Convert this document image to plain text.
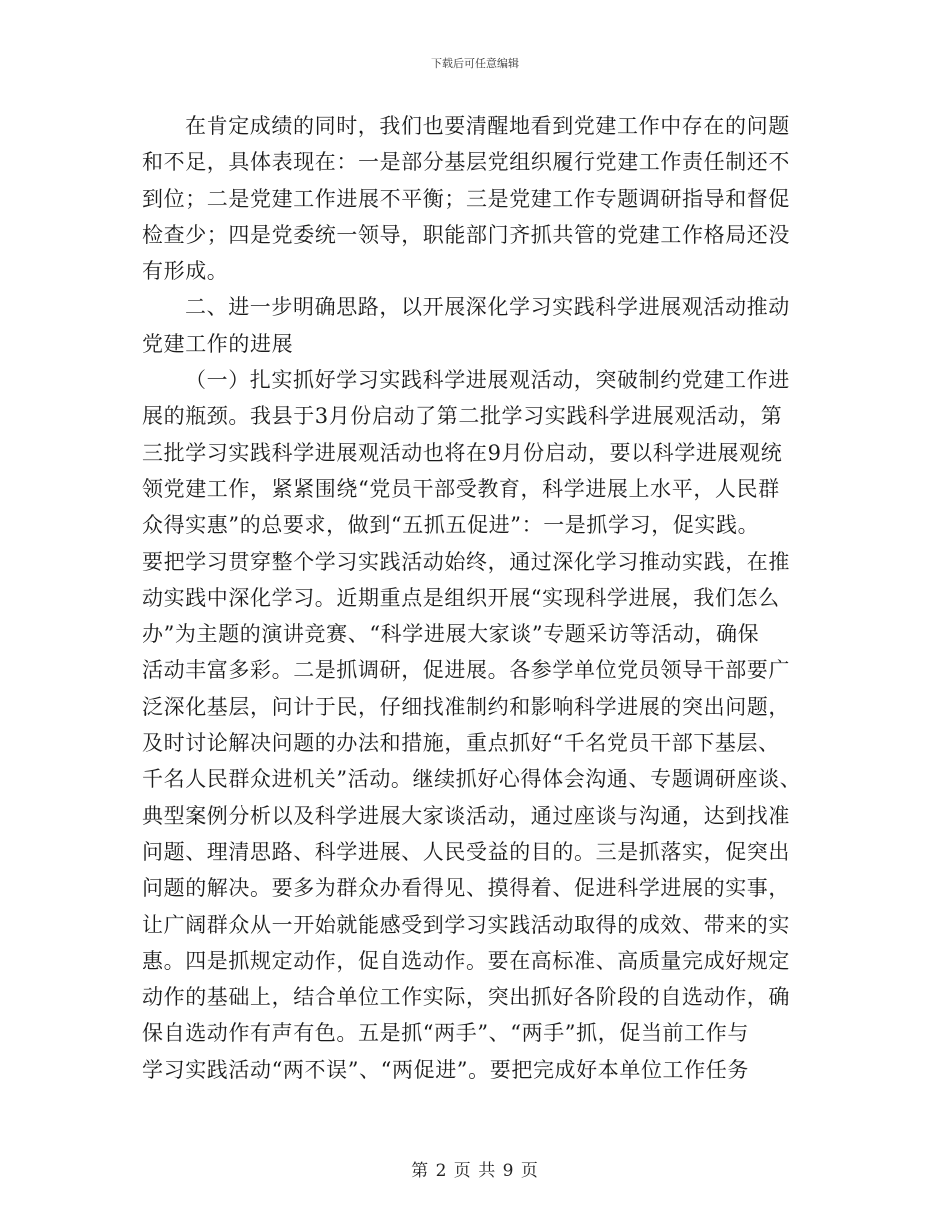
下载后可任意编辑
在肯定成绩的同时，我们也要清醒地看到党建工作中存在的问题
和不足，具体表现在：一是部分基层党组织履行党建工作责任制还不
到位；二是党建工作进展不平衡；三是党建工作专题调研指导和督促
检查少；四是党委统一领导，职能部门齐抓共管的党建工作格局还没
有形成。
二、进一步明确思路，以开展深化学习实践科学进展观活动推动
党建工作的进展
（一）扎实抓好学习实践科学进展观活动，突破制约党建工作进
展的瓶颈。我县于3月份启动了第二批学习实践科学进展观活动，第
三批学习实践科学进展观活动也将在9月份启动，要以科学进展观统
领党建工作，紧紧围绕“党员干部受教育，科学进展上水平，人民群
众得实惠”的总要求，做到“五抓五促进”：一是抓学习，促实践。
要把学习贯穿整个学习实践活动始终，通过深化学习推动实践，在推
动实践中深化学习。近期重点是组织开展“实现科学进展，我们怎么
办”为主题的演讲竞赛、“科学进展大家谈”专题采访等活动，确保
活动丰富多彩。二是抓调研，促进展。各参学单位党员领导干部要广
泛深化基层，问计于民，仔细找准制约和影响科学进展的突出问题，
及时讨论解决问题的办法和措施，重点抓好“千名党员干部下基层、
千名人民群众进机关”活动。继续抓好心得体会沟通、专题调研座谈、
典型案例分析以及科学进展大家谈活动，通过座谈与沟通，达到找准
问题、理清思路、科学进展、人民受益的目的。三是抓落实，促突出
问题的解决。要多为群众办看得见、摸得着、促进科学进展的实事，
让广阔群众从一开始就能感受到学习实践活动取得的成效、带来的实
惠。四是抓规定动作，促自选动作。要在高标准、高质量完成好规定
动作的基础上，结合单位工作实际，突出抓好各阶段的自选动作，确
保自选动作有声有色。五是抓“两手”、“两手”抓，促当前工作与
学习实践活动“两不误”、“两促进”。要把完成好本单位工作任务
第 2 页 共 9 页
